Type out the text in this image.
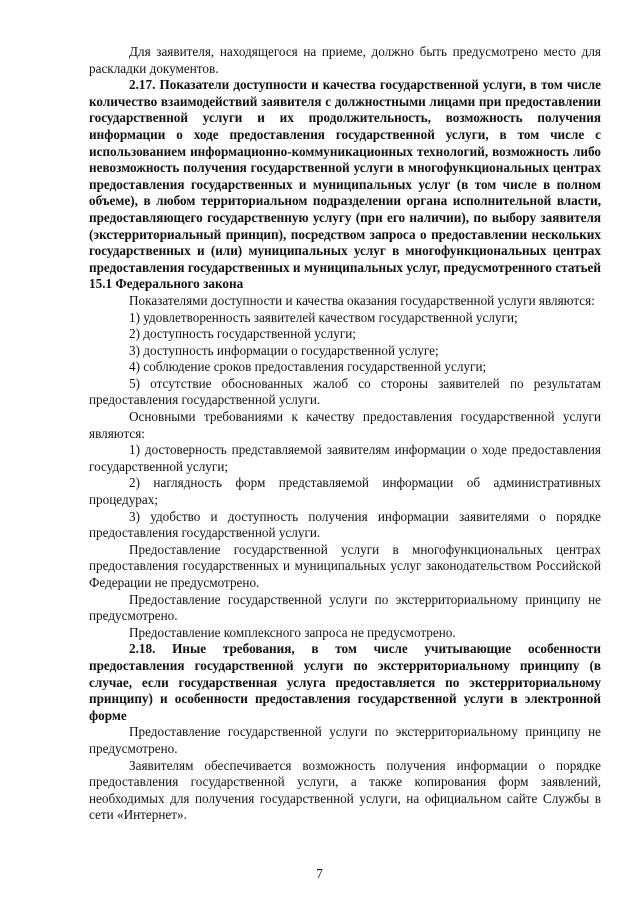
Для заявителя, находящегося на приеме, должно быть предусмотрено место для раскладки документов.

2.17. Показатели доступности и качества государственной услуги, в том числе количество взаимодействий заявителя с должностными лицами при предоставлении государственной услуги и их продолжительность, возможность получения информации о ходе предоставления государственной услуги, в том числе с использованием информационно-коммуникационных технологий, возможность либо невозможность получения государственной услуги в многофункциональных центрах предоставления государственных и муниципальных услуг (в том числе в полном объеме), в любом территориальном подразделении органа исполнительной власти, предоставляющего государственную услугу (при его наличии), по выбору заявителя (экстерриториальный принцип), посредством запроса о предоставлении нескольких государственных и (или) муниципальных услуг в многофункциональных центрах предоставления государственных и муниципальных услуг, предусмотренного статьей 15.1 Федерального закона

Показателями доступности и качества оказания государственной услуги являются:

1) удовлетворенность заявителей качеством государственной услуги;

2) доступность государственной услуги;

3) доступность информации о государственной услуге;

4) соблюдение сроков предоставления государственной услуги;

5) отсутствие обоснованных жалоб со стороны заявителей по результатам предоставления государственной услуги.

Основными требованиями к качеству предоставления государственной услуги являются:

1) достоверность представляемой заявителям информации о ходе предоставления государственной услуги;

2) наглядность форм представляемой информации об административных процедурах;

3) удобство и доступность получения информации заявителями о порядке предоставления государственной услуги.

Предоставление государственной услуги в многофункциональных центрах предоставления государственных и муниципальных услуг законодательством Российской Федерации не предусмотрено.

Предоставление государственной услуги по экстерриториальному принципу не предусмотрено.

Предоставление комплексного запроса не предусмотрено.

2.18. Иные требования, в том числе учитывающие особенности предоставления государственной услуги по экстерриториальному принципу (в случае, если государственная услуга предоставляется по экстерриториальному принципу) и особенности предоставления государственной услуги в электронной форме

Предоставление государственной услуги по экстерриториальному принципу не предусмотрено.

Заявителям обеспечивается возможность получения информации о порядке предоставления государственной услуги, а также копирования форм заявлений, необходимых для получения государственной услуги, на официальном сайте Службы в сети «Интернет».

7
